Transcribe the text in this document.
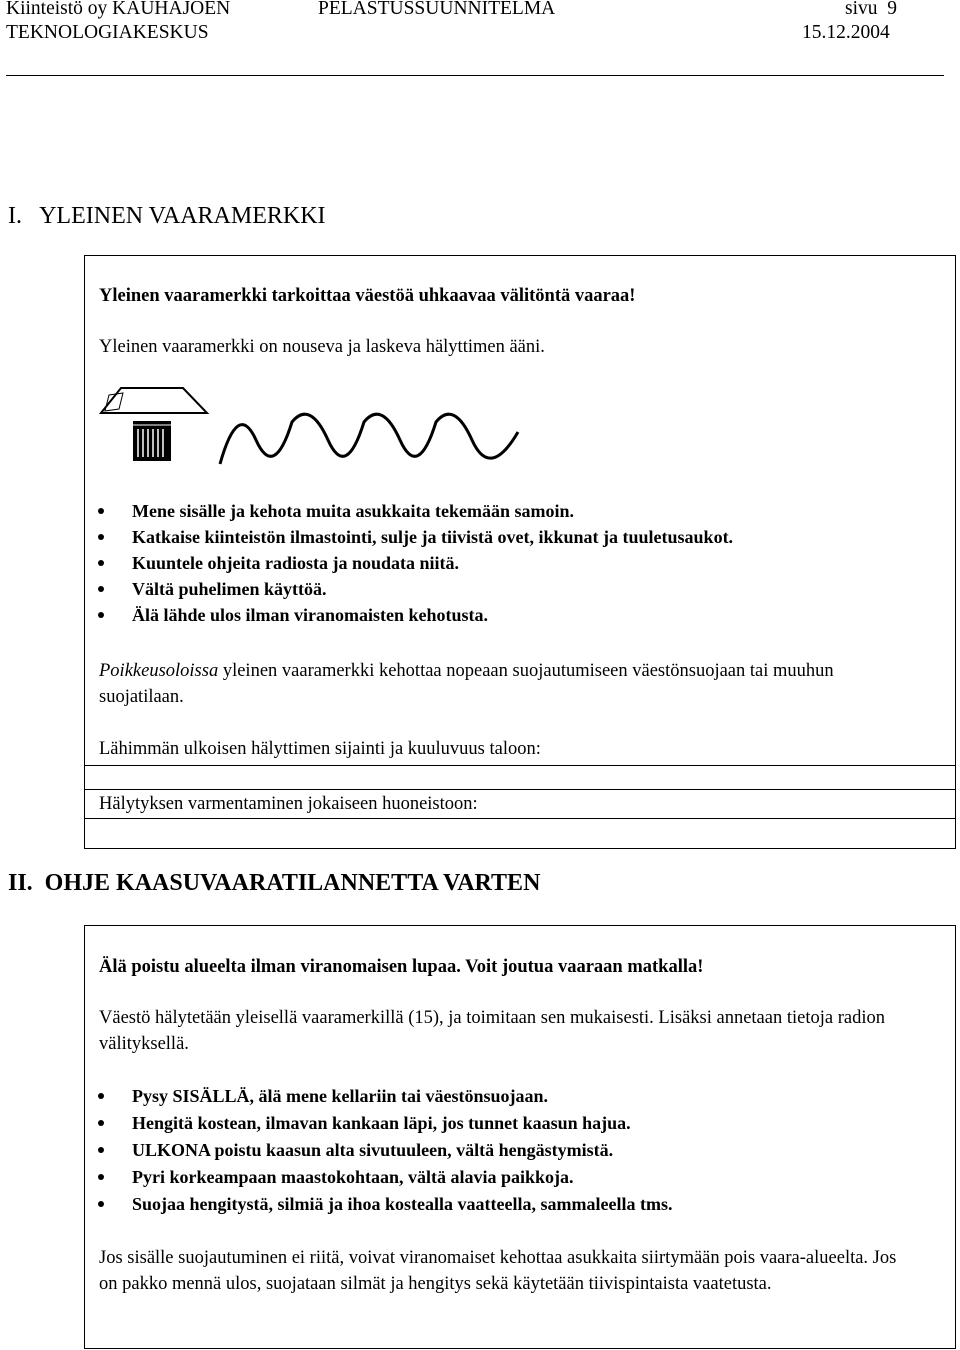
Kiinteistö oy KAUHAJOEN
TEKNOLOGIAKESKUS
PELASTUSSUUNNITELMA	sivu 9
15.12.2004
I.   YLEINEN VAARAMERKKI
Yleinen vaaramerkki tarkoittaa väestöä uhkaavaa välitöntä vaaraa!
Yleinen vaaramerkki on nouseva ja laskeva hälyttimen ääni.
Mene sisälle ja kehota muita asukkaita tekemään samoin.
Katkaise kiinteistön ilmastointi, sulje ja tiivistä ovet, ikkunat ja tuuletusaukot.
Kuuntele ohjeita radiosta ja noudata niitä.
Vältä puhelimen käyttöä.
Älä lähde ulos ilman viranomaisten kehotusta.
Poikkeusoloissa yleinen vaaramerkki kehottaa nopeaan suojautumiseen väestönsuojaan tai muuhun suojatilaan.
Lähimmän ulkoisen hälyttimen sijainti ja kuuluvuus taloon:
Hälytyksen varmentaminen jokaiseen huoneistoon:
II.  OHJE KAASUVAARATILANNETTA VARTEN
Älä poistu alueelta ilman viranomaisen lupaa. Voit joutua vaaraan matkalla!
Väestö hälytetään yleisellä vaaramerkillä (15), ja toimitaan sen mukaisesti. Lisäksi annetaan tietoja radion välityksellä.
Pysy SISÄLLÄ, älä mene kellariin tai väestönsuojaan.
Hengitä kostean, ilmavan kankaan läpi, jos tunnet kaasun hajua.
ULKONA poistu kaasun alta sivutuuleen, vältä hengästymistä.
Pyri korkeampaan maastokohtaan, vältä alavia paikkoja.
Suojaa hengitystä, silmiä ja ihoa kostealla vaatteella, sammaleella tms.
Jos sisälle suojautuminen ei riitä, voivat viranomaiset kehottaa asukkaita siirtymään pois vaara-alueelta. Jos on pakko mennä ulos, suojataan silmät ja hengitys sekä käytetään tiivispintaista vaatetusta.
